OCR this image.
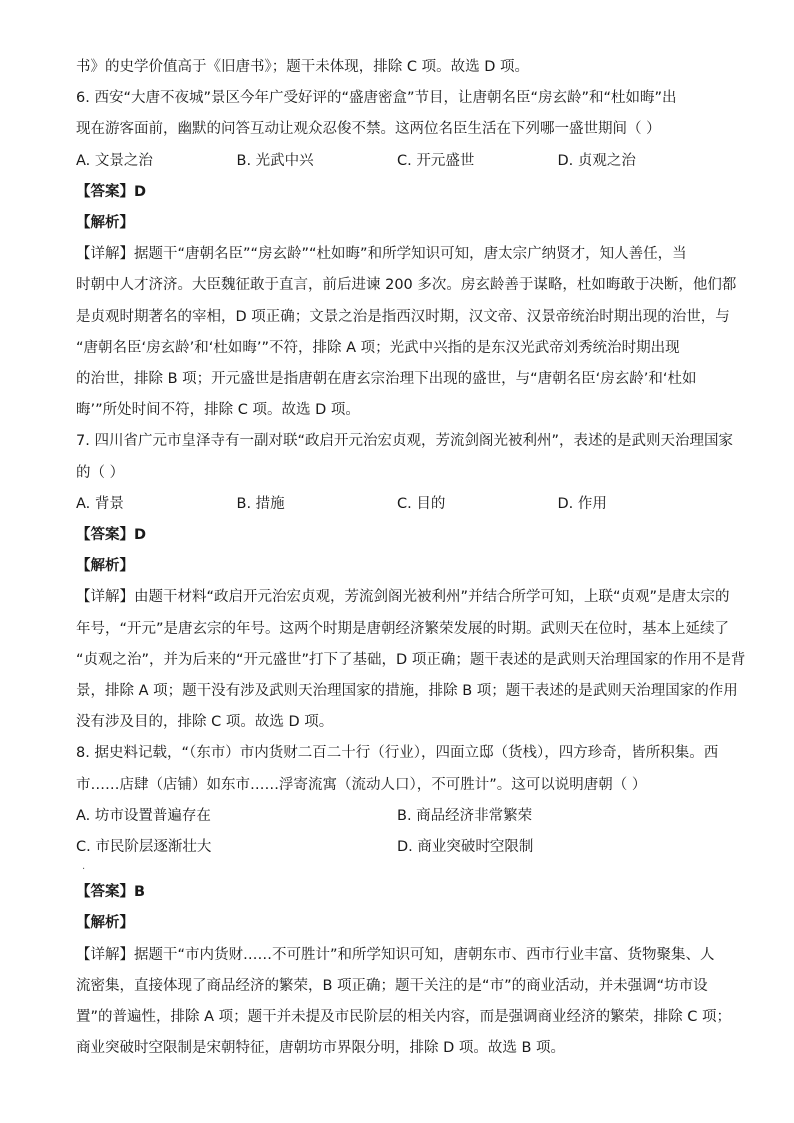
书》的史学价值高于《旧唐书》；题干未体现，排除 C 项。故选 D 项。
6. 西安“大唐不夜城”景区今年广受好评的“盛唐密盒”节目，让唐朝名臣“房玄龄”和“杜如晦”出
现在游客面前，幽默的问答互动让观众忍俊不禁。这两位名臣生活在下列哪一盛世期间（ ）
A. 文景之治	B. 光武中兴	C. 开元盛世	D. 贞观之治
【答案】D
【解析】
【详解】据题干“唐朝名臣”“房玄龄”“杜如晦”和所学知识可知，唐太宗广纳贤才，知人善任，当
时朝中人才济济。大臣魏征敢于直言，前后进谏 200 多次。房玄龄善于谋略，杜如晦敢于决断，他们都
是贞观时期著名的宰相，D 项正确；文景之治是指西汉时期，汉文帝、汉景帝统治时期出现的治世，与
“唐朝名臣‘房玄龄’和‘杜如晦’”不符，排除 A 项；光武中兴指的是东汉光武帝刘秀统治时期出现
的治世，排除 B 项；开元盛世是指唐朝在唐玄宗治理下出现的盛世，与“唐朝名臣‘房玄龄’和‘杜如
晦’”所处时间不符，排除 C 项。故选 D 项。
7. 四川省广元市皇泽寺有一副对联“政启开元治宏贞观，芳流剑阁光被利州”，表述的是武则天治理国家
的（ ）
A. 背景	B. 措施	C. 目的	D. 作用
【答案】D
【解析】
【详解】由题干材料“政启开元治宏贞观，芳流剑阁光被利州”并结合所学可知，上联“贞观”是唐太宗的
年号，“开元”是唐玄宗的年号。这两个时期是唐朝经济繁荣发展的时期。武则天在位时，基本上延续了
“贞观之治”，并为后来的“开元盛世”打下了基础，D 项正确；题干表述的是武则天治理国家的作用不是背
景，排除 A 项；题干没有涉及武则天治理国家的措施，排除 B 项；题干表述的是武则天治理国家的作用
没有涉及目的，排除 C 项。故选 D 项。
8. 据史料记载，“（东市）市内货财二百二十行（行业），四面立邸（货栈），四方珍奇，皆所积集。西
市……店肆（店铺）如东市……浮寄流寓（流动人口），不可胜计”。这可以说明唐朝（ ）
A. 坊市设置普遍存在	B. 商品经济非常繁荣
C. 市民阶层逐渐壮大	D. 商业突破时空限制
·
【答案】B
【解析】
【详解】据题干“市内货财……不可胜计”和所学知识可知，唐朝东市、西市行业丰富、货物聚集、人
流密集，直接体现了商品经济的繁荣，B 项正确；题干关注的是“市”的商业活动，并未强调“坊市设
置”的普遍性，排除 A 项；题干并未提及市民阶层的相关内容，而是强调商业经济的繁荣，排除 C 项；
商业突破时空限制是宋朝特征，唐朝坊市界限分明，排除 D 项。故选 B 项。
